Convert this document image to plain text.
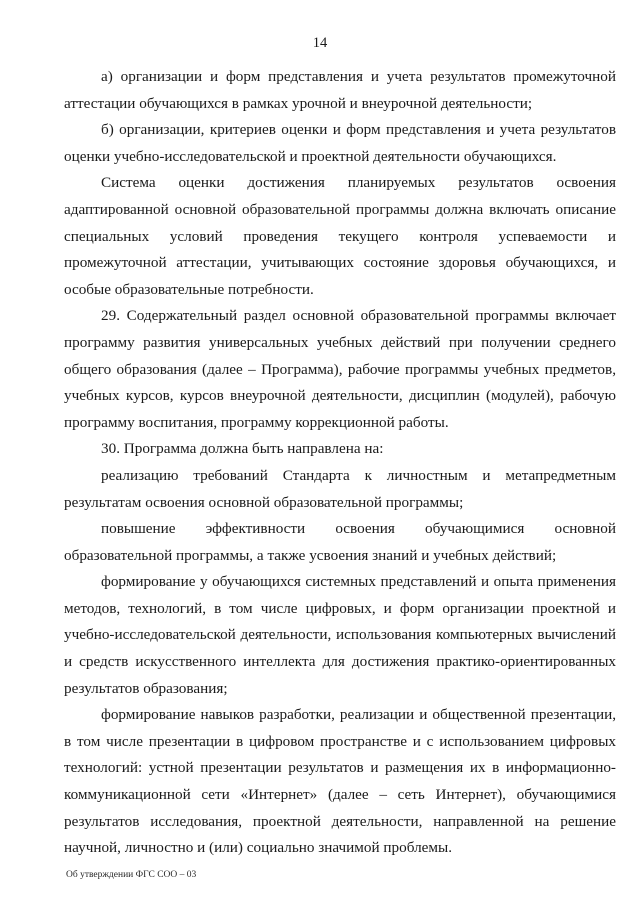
14

а) организации и форм представления и учета результатов промежуточной аттестации обучающихся в рамках урочной и внеурочной деятельности;

б) организации, критериев оценки и форм представления и учета результатов оценки учебно-исследовательской и проектной деятельности обучающихся.

Система оценки достижения планируемых результатов освоения адаптированной основной образовательной программы должна включать описание специальных условий проведения текущего контроля успеваемости и промежуточной аттестации, учитывающих состояние здоровья обучающихся, и особые образовательные потребности.

29. Содержательный раздел основной образовательной программы включает программу развития универсальных учебных действий при получении среднего общего образования (далее – Программа), рабочие программы учебных предметов, учебных курсов, курсов внеурочной деятельности, дисциплин (модулей), рабочую программу воспитания, программу коррекционной работы.

30. Программа должна быть направлена на:

реализацию требований Стандарта к личностным и метапредметным результатам освоения основной образовательной программы;

повышение эффективности освоения обучающимися основной образовательной программы, а также усвоения знаний и учебных действий;

формирование у обучающихся системных представлений и опыта применения методов, технологий, в том числе цифровых, и форм организации проектной и учебно-исследовательской деятельности, использования компьютерных вычислений и средств искусственного интеллекта для достижения практико-ориентированных результатов образования;

формирование навыков разработки, реализации и общественной презентации, в том числе презентации в цифровом пространстве и с использованием цифровых технологий: устной презентации результатов и размещения их в информационно-коммуникационной сети «Интернет» (далее – сеть Интернет), обучающимися результатов исследования, проектной деятельности, направленной на решение научной, личностно и (или) социально значимой проблемы.

Об утверждении ФГС СОО – 03
